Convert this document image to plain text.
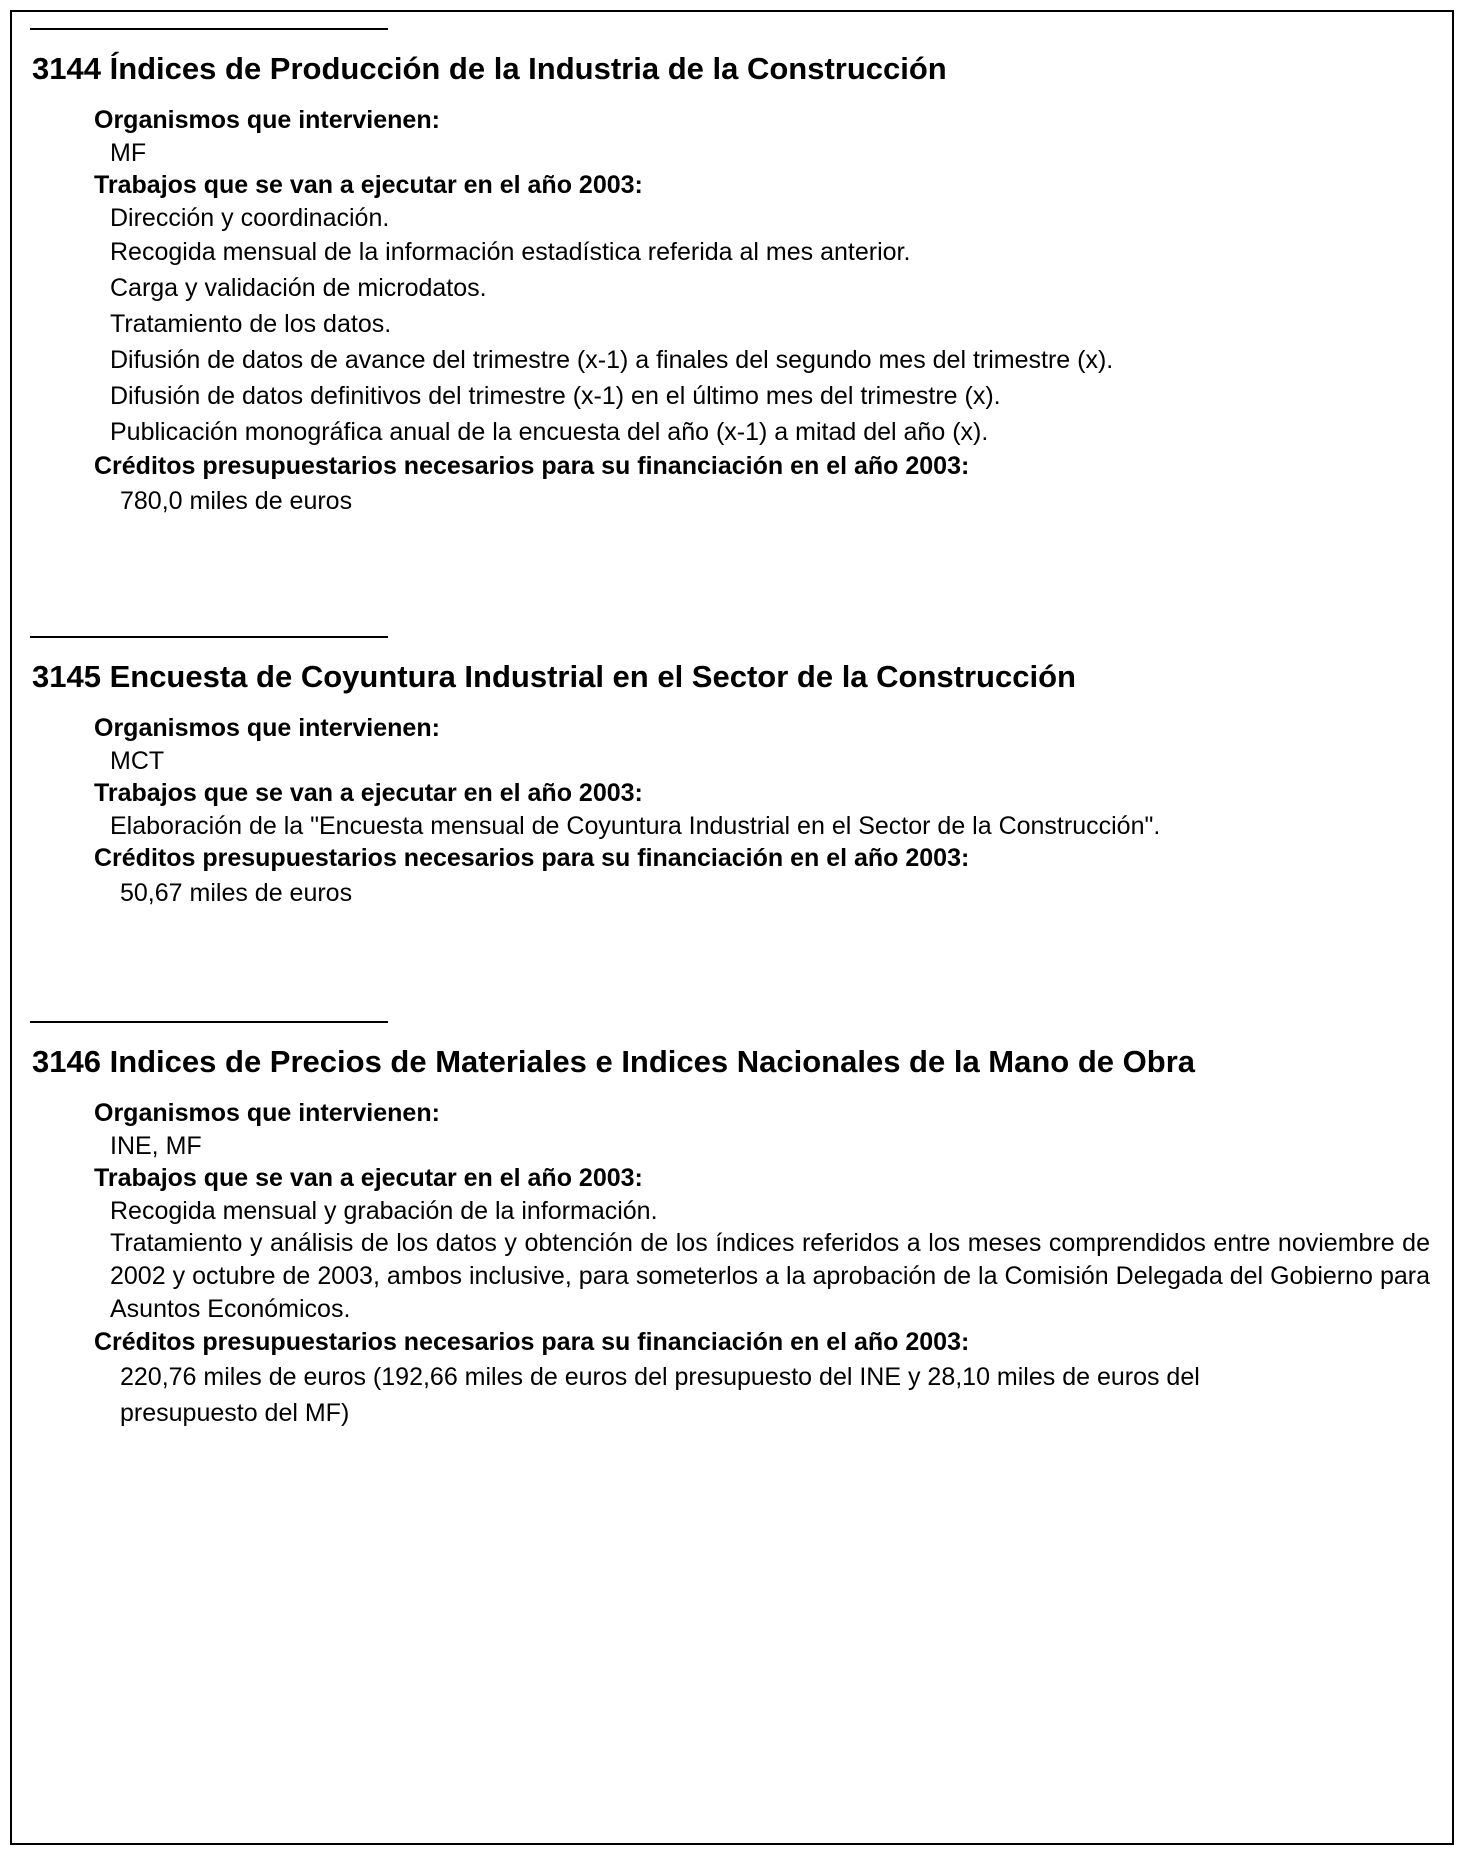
3144 Índices de Producción de la Industria de la Construcción
Organismos que intervienen:
MF
Trabajos que se van a ejecutar en el año 2003:
Dirección y coordinación.
Recogida mensual de la información estadística referida al mes anterior.
Carga y validación de microdatos.
Tratamiento de los datos.
Difusión de datos de avance del trimestre (x-1) a finales del segundo mes del trimestre (x).
Difusión de datos definitivos del trimestre (x-1) en el último mes del trimestre (x).
Publicación monográfica anual de la encuesta del año (x-1) a mitad del año (x).
Créditos presupuestarios necesarios para su financiación en el año 2003:
780,0 miles de euros
3145 Encuesta de Coyuntura Industrial en el Sector de la Construcción
Organismos que intervienen:
MCT
Trabajos que se van a ejecutar en el año 2003:
Elaboración de la "Encuesta mensual de Coyuntura Industrial en el Sector de la Construcción".
Créditos presupuestarios necesarios para su financiación en el año 2003:
50,67 miles de euros
3146 Indices de Precios de Materiales e Indices Nacionales de la Mano de Obra
Organismos que intervienen:
INE, MF
Trabajos que se van a ejecutar en el año 2003:
Recogida mensual y grabación de la información.
Tratamiento y análisis de los datos y obtención de los índices referidos a los meses comprendidos entre noviembre de 2002 y octubre de 2003, ambos inclusive, para someterlos a la aprobación de la Comisión Delegada del Gobierno para Asuntos Económicos.
Créditos presupuestarios necesarios para su financiación en el año 2003:
220,76 miles de euros (192,66 miles de euros del presupuesto del INE y 28,10 miles de euros del presupuesto del MF)
